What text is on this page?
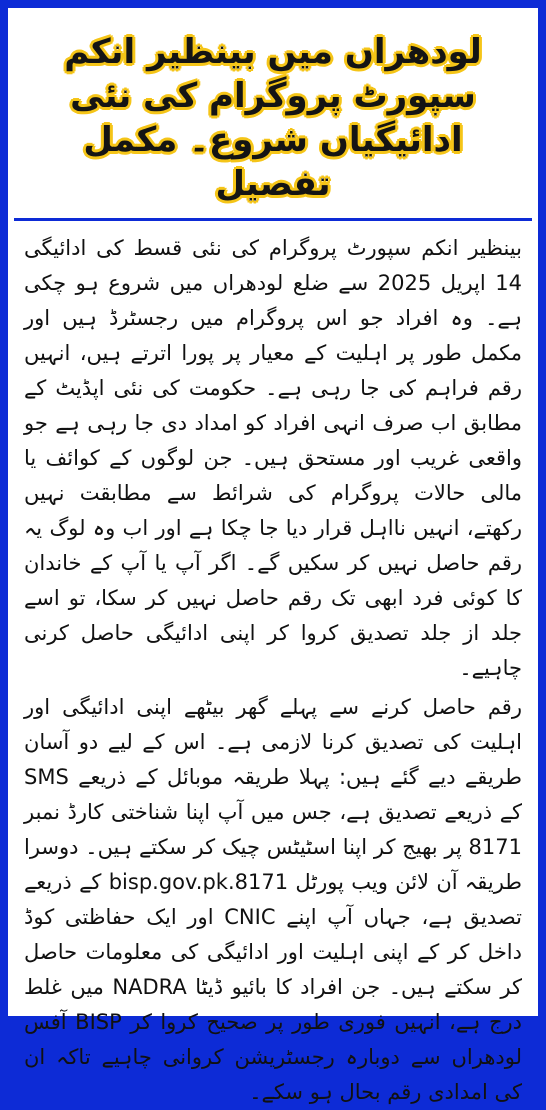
لودھراں میں بینظیر انکم سپورٹ پروگرام کی نئی ادائیگیاں شروع۔ مکمل تفصیل

بینظیر انکم سپورٹ پروگرام کی نئی قسط کی ادائیگی 14 اپریل 2025 سے ضلع لودھراں میں شروع ہو چکی ہے۔ وہ افراد جو اس پروگرام میں رجسٹرڈ ہیں اور مکمل طور پر اہلیت کے معیار پر پورا اترتے ہیں، انہیں رقم فراہم کی جا رہی ہے۔ حکومت کی نئی اپڈیٹ کے مطابق اب صرف انہی افراد کو امداد دی جا رہی ہے جو واقعی غریب اور مستحق ہیں۔ جن لوگوں کے کوائف یا مالی حالات پروگرام کی شرائط سے مطابقت نہیں رکھتے، انہیں نااہل قرار دیا جا چکا ہے اور اب وہ لوگ یہ رقم حاصل نہیں کر سکیں گے۔ اگر آپ یا آپ کے خاندان کا کوئی فرد ابھی تک رقم حاصل نہیں کر سکا، تو اسے جلد از جلد تصدیق کروا کر اپنی ادائیگی حاصل کرنی چاہیے۔

رقم حاصل کرنے سے پہلے گھر بیٹھے اپنی ادائیگی اور اہلیت کی تصدیق کرنا لازمی ہے۔ اس کے لیے دو آسان طریقے دیے گئے ہیں: پہلا طریقہ موبائل کے ذریعے SMS کے ذریعے تصدیق ہے، جس میں آپ اپنا شناختی کارڈ نمبر 8171 پر بھیج کر اپنا اسٹیٹس چیک کر سکتے ہیں۔ دوسرا طریقہ آن لائن ویب پورٹل bisp.gov.pk.8171 کے ذریعے تصدیق ہے، جہاں آپ اپنے CNIC اور ایک حفاظتی کوڈ داخل کر کے اپنی اہلیت اور ادائیگی کی معلومات حاصل کر سکتے ہیں۔ جن افراد کا بائیو ڈیٹا NADRA میں غلط درج ہے، انہیں فوری طور پر صحیح کروا کر BISP آفس لودھراں سے دوبارہ رجسٹریشن کروانی چاہیے تاکہ ان کی امدادی رقم بحال ہو سکے۔
